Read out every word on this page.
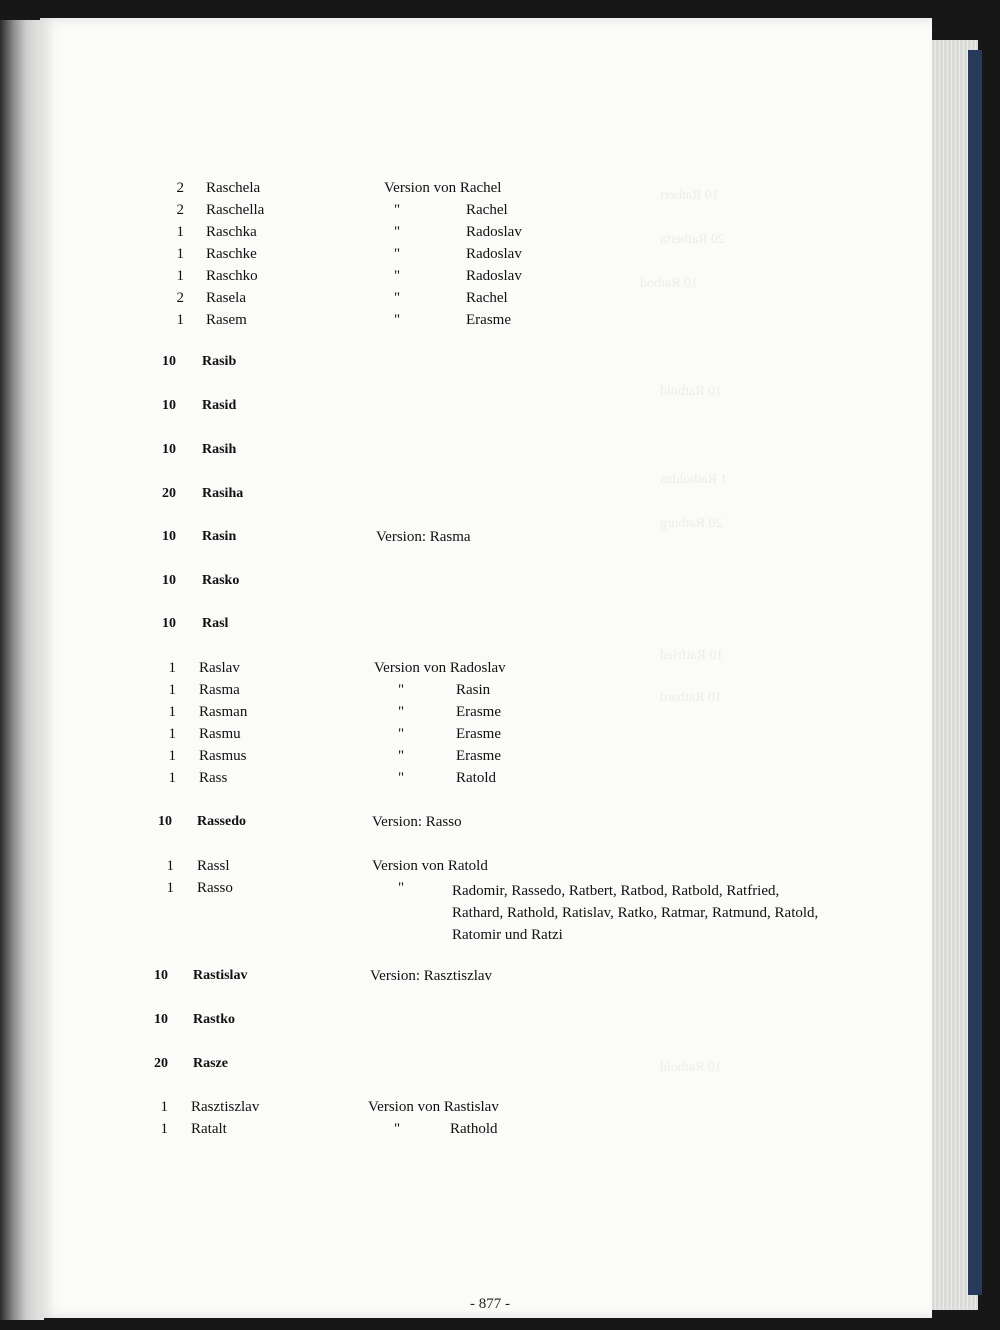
10 Ratbert
20 Ratberta
10 Ratbod
10 Ratbold
1 Ratboldus
20 Ratburg
10 Ratfried
10 Rathard
10 Rathold
2 Raschela	Version von Rachel
2 Raschella	"	Rachel
1 Raschka	"	Radoslav
1 Raschke	"	Radoslav
1 Raschko	"	Radoslav
2 Rasela	"	Rachel
1 Rasem	"	Erasme
10 Rasib
10 Rasid
10 Rasih
20 Rasiha
10 Rasin	Version: Rasma
10 Rasko
10 Rasl
1 Raslav	Version von Radoslav
1 Rasma	"	Rasin
1 Rasman	"	Erasme
1 Rasmu	"	Erasme
1 Rasmus	"	Erasme
1 Rass	"	Ratold
10 Rassedo	Version: Rasso
1 Rassl	Version von Ratold
1 Rasso	"	Radomir, Rassedo, Ratbert, Ratbod, Ratbold, Ratfried, Rathard, Rathold, Ratislav, Ratko, Ratmar, Ratmund, Ratold, Ratomir und Ratzi
10 Rastislav	Version: Rasztiszlav
10 Rastko
20 Rasze
1 Rasztiszlav	Version von Rastislav
1 Ratalt	"	Rathold
- 877 -
